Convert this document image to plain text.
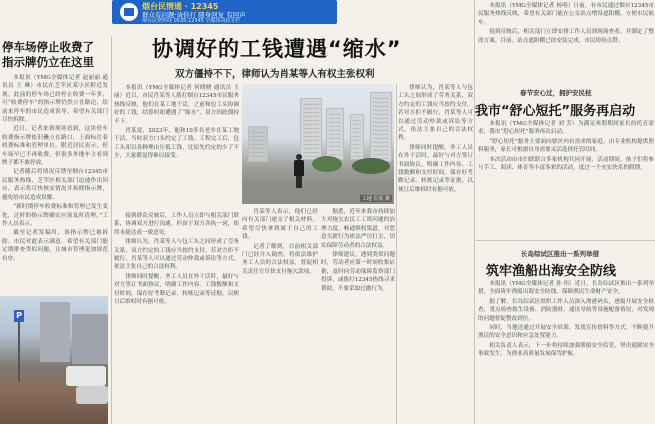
烟台民情通 · 12345
群众有问题·请你打 随身回复 有回声
烟台民情热线 0535·12345 全媒体问政专栏
停车场停止收费了
指示牌仍立在这里

本报讯（YMG全媒体记者 赵丽丽 通讯员 王 琳）市民在芝罘区某小区附近发现，此前的停车场已经停止收费一年多，可“收费停车”的指示牌仍然立在路边，给前来停车的市民造成误导，希望有关部门尽快拆除。

近日，记者来到现场看到，这块停车收费指示牌依旧矗立在路口，上面标注着收费标准和管理单位。附近居民表示，停车场早已不再收费，但很多外地车主看到牌子都不敢停放。

记者随后将情况反馈至烟台12345市民服务热线，芝罘区相关部门迅速作出回应，表示将尽快核实情况并拆除指示牌，避免给市民造成误解。

“新时期停车收费标准和管理已发生变化，过时的指示牌确实应该及时清理。”工作人员表示。

截至记者发稿时，该指示牌已被拆除。市民对此表示满意，希望有关部门能定期排查类似问题，让城市管理更加规范有序。

P
协调好的工钱遭遇“缩水”
双方僵持不下，律师认为肖某等人有权主张权利

本报讯（YMG全媒体记者 何晓晓 通讯员 王 丽）近日，市民肖某等人拨打烟台12345市民服务热线反映，他们在某工地干活，之前和包工头协调好的工钱，结算时却遭遇了“缩水”，双方因此僵持不下。

肖某说，2023年，他和10多名老乡在某工地干活，当时双方口头约定了工钱。工程完工后，包工头却以各种理由压低工钱，比原先约定的少了不少，大家都觉得难以接受。

接到群众反映后，工作人员立即与相关部门联系，协调双方进行沟通。但由于双方各执一词，始终未能达成一致意见。

律师认为，肖某等人与包工头之间形成了劳务关系，双方约定的工钱应当按约支付。若对方拒不履行，肖某等人可以通过劳动仲裁或诉讼等方式，依法主张自己的合法权利。

律师同时提醒，务工人员在外干活时，最好与对方签订书面协议，明确工作内容、工钱数额和支付时间，保存好考勤记录、转账记录等证据，以便日后维权时有据可依。

工地 肖某 摄

肖某等人表示，他们已经向有关部门递交了相关材料，希望尽快拿到属于自己的工钱。

记者了解到，目前相关部门已经介入调查，将依法维护务工人员的合法权益，督促相关责任方尽快支付拖欠款项。

据悉，近年来我市持续加大对拖欠农民工工资问题的治理力度，畅通维权渠道，对恶意欠薪行为依法严厉打击，切实保障劳动者的合法权益。

律师建议，遇到类似问题时，劳动者应第一时间收集证据，及时向劳动保障监察部门投诉，或拨打12345热线寻求帮助，不要采取过激行为。

律师认为，肖某等人与包工头之间形成了劳务关系，双方约定的工钱应当按约支付。若对方拒不履行，肖某等人可以通过劳动仲裁或诉讼等方式，依法主张自己的合法权利。

律师同时提醒，务工人员在外干活时，最好与对方签订书面协议，明确工作内容、工钱数额和支付时间，保存好考勤记录、转账记录等证据，以便日后维权时有据可依。

本报讯（YMG全媒体记者 杨明）日前，有市民通过烟台12345市民服务热线反映，希望有关部门能在公交站点增设遮阳棚，方便市民候车。

接到反映后，相关部门立即安排工作人员到现场查看，并制定了整改方案。目前，站点遮阳棚已经安装完成，市民纷纷点赞。

春节安心过，拥护安民枝
我市“舒心短托”服务再启动

本报讯（YMG全媒体记者 刘 芳）为满足寒假期间家长的托育需求，我市“舒心短托”服务再次启动。

“舒心短托”服务主要面向辖区内有需求的家庭，由专业机构提供照料服务，家长可根据自身需要灵活选择托管时间。

本次活动由市妇联联合多家机构共同开展，活动期间，孩子们将参与手工、阅读、体育等丰富多彩的活动，度过一个充实快乐的假期。

长岛综试区推出一系列举措
筑牢渔船出海安全防线

本报讯（YMG全媒体记者 孙 伟）近日，长岛综试区推出一系列举措，全面筑牢渔船出海安全防线，保障渔民生命财产安全。

据了解，长岛综试区组织工作人员深入渔港码头，逐船开展安全检查，重点检查救生设备、消防器材、通讯导航等设施配备情况，对发现的问题督促整改到位。

同时，当地还通过开展安全培训、发放宣传资料等方式，不断提升渔民的安全意识和应急处置能力。

相关负责人表示，下一步将持续加强渔船安全监管，坚决遏制安全事故发生，为渔业高质量发展保驾护航。
